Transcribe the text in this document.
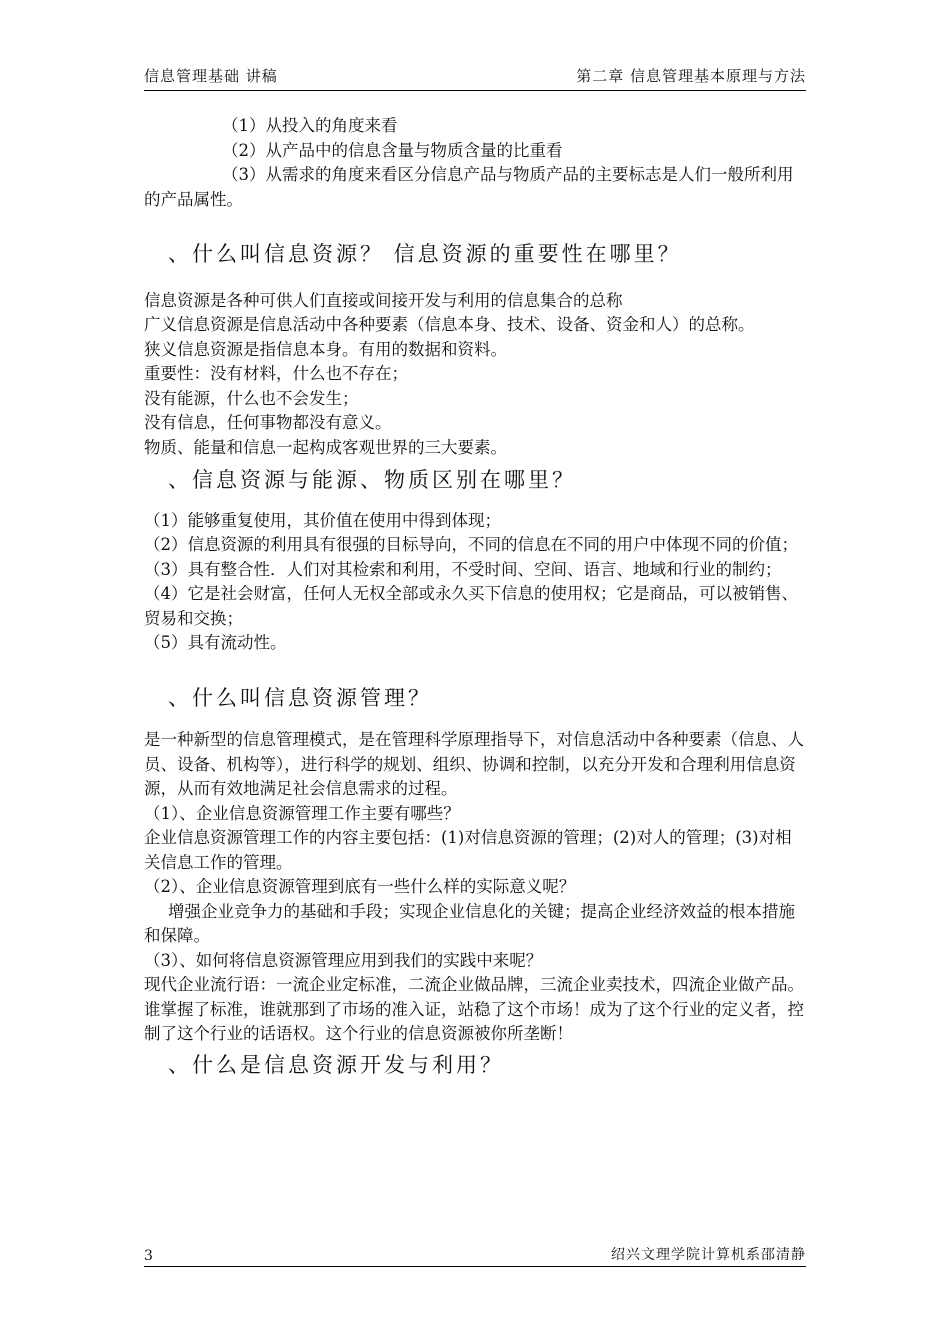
信息管理基础 讲稿	第二章 信息管理基本原理与方法

（1）从投入的角度来看

（2）从产品中的信息含量与物质含量的比重看

（3）从需求的角度来看区分信息产品与物质产品的主要标志是人们一般所利用的产品属性。

、什么叫信息资源？ 信息资源的重要性在哪里？

信息资源是各种可供人们直接或间接开发与利用的信息集合的总称

广义信息资源是信息活动中各种要素（信息本身、技术、设备、资金和人）的总称。

狭义信息资源是指信息本身。有用的数据和资料。

重要性：没有材料，什么也不存在；

没有能源，什么也不会发生；

没有信息，任何事物都没有意义。

物质、能量和信息一起构成客观世界的三大要素。

、信息资源与能源、物质区别在哪里？

（1）能够重复使用，其价值在使用中得到体现；

（2）信息资源的利用具有很强的目标导向，不同的信息在不同的用户中体现不同的价值；

（3）具有整合性．人们对其检索和利用，不受时间、空间、语言、地域和行业的制约；

（4）它是社会财富，任何人无权全部或永久买下信息的使用权；它是商品，可以被销售、贸易和交换；

（5）具有流动性。

、什么叫信息资源管理？

是一种新型的信息管理模式，是在管理科学原理指导下，对信息活动中各种要素（信息、人员、设备、机构等），进行科学的规划、组织、协调和控制，以充分开发和合理利用信息资源，从而有效地满足社会信息需求的过程。

（1）、企业信息资源管理工作主要有哪些？

企业信息资源管理工作的内容主要包括：(1)对信息资源的管理；(2)对人的管理；(3)对相关信息工作的管理。

（2）、企业信息资源管理到底有一些什么样的实际意义呢？

增强企业竞争力的基础和手段；实现企业信息化的关键；提高企业经济效益的根本措施和保障。

（3）、如何将信息资源管理应用到我们的实践中来呢？

现代企业流行语：一流企业定标准，二流企业做品牌，三流企业卖技术，四流企业做产品。谁掌握了标准，谁就那到了市场的准入证，站稳了这个市场！成为了这个行业的定义者，控制了这个行业的话语权。这个行业的信息资源被你所垄断！

、什么是信息资源开发与利用？
3	绍兴文理学院计算机系邵清静
